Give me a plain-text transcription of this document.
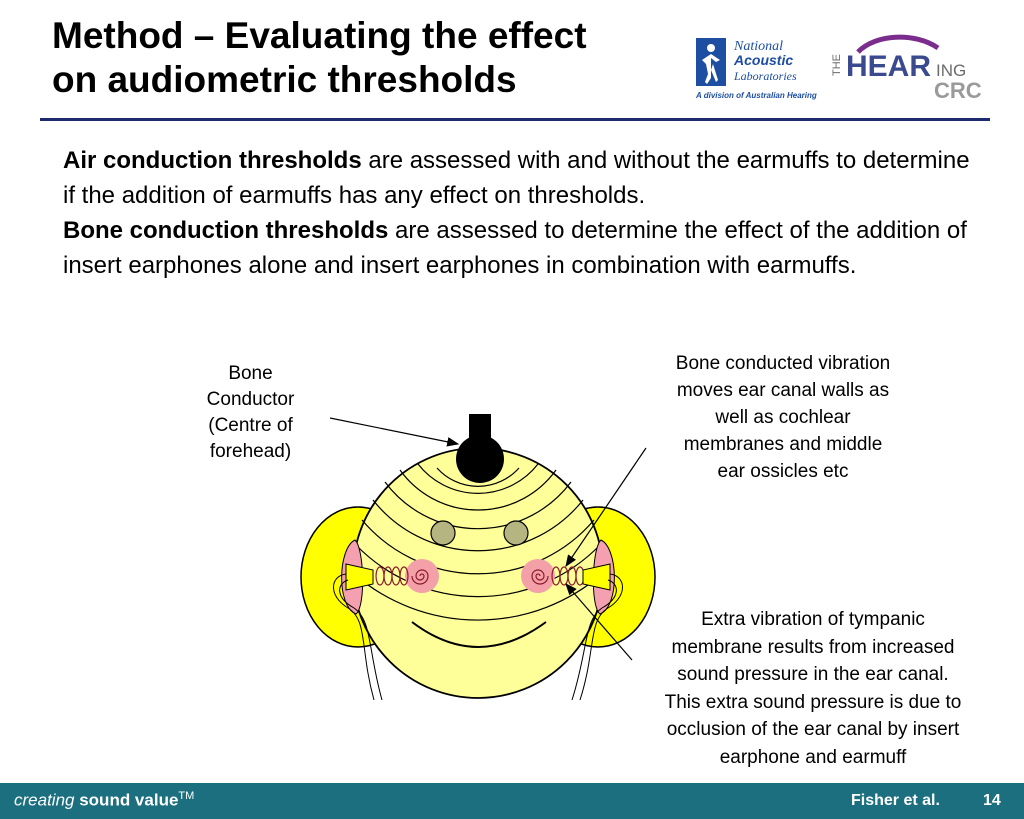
Method – Evaluating the effect
on audiometric thresholds
National
Acoustic
Laboratories
A division of Australian Hearing
THE HEAR ING
CRC

Air conduction thresholds are assessed with and without the earmuffs to determine if the addition of earmuffs has any effect on thresholds.

Bone conduction thresholds are assessed to determine the effect of the addition of insert earphones alone and insert earphones in combination with earmuffs.

Bone
Conductor
(Centre of
forehead)
Bone conducted vibration
moves ear canal walls as
well as cochlear
membranes and middle
ear ossicles etc
Extra vibration of tympanic
membrane results from increased
sound pressure in the ear canal.
This extra sound pressure is due to
occlusion of the ear canal by insert
earphone and earmuff
creating sound value™	Fisher et al.	14
